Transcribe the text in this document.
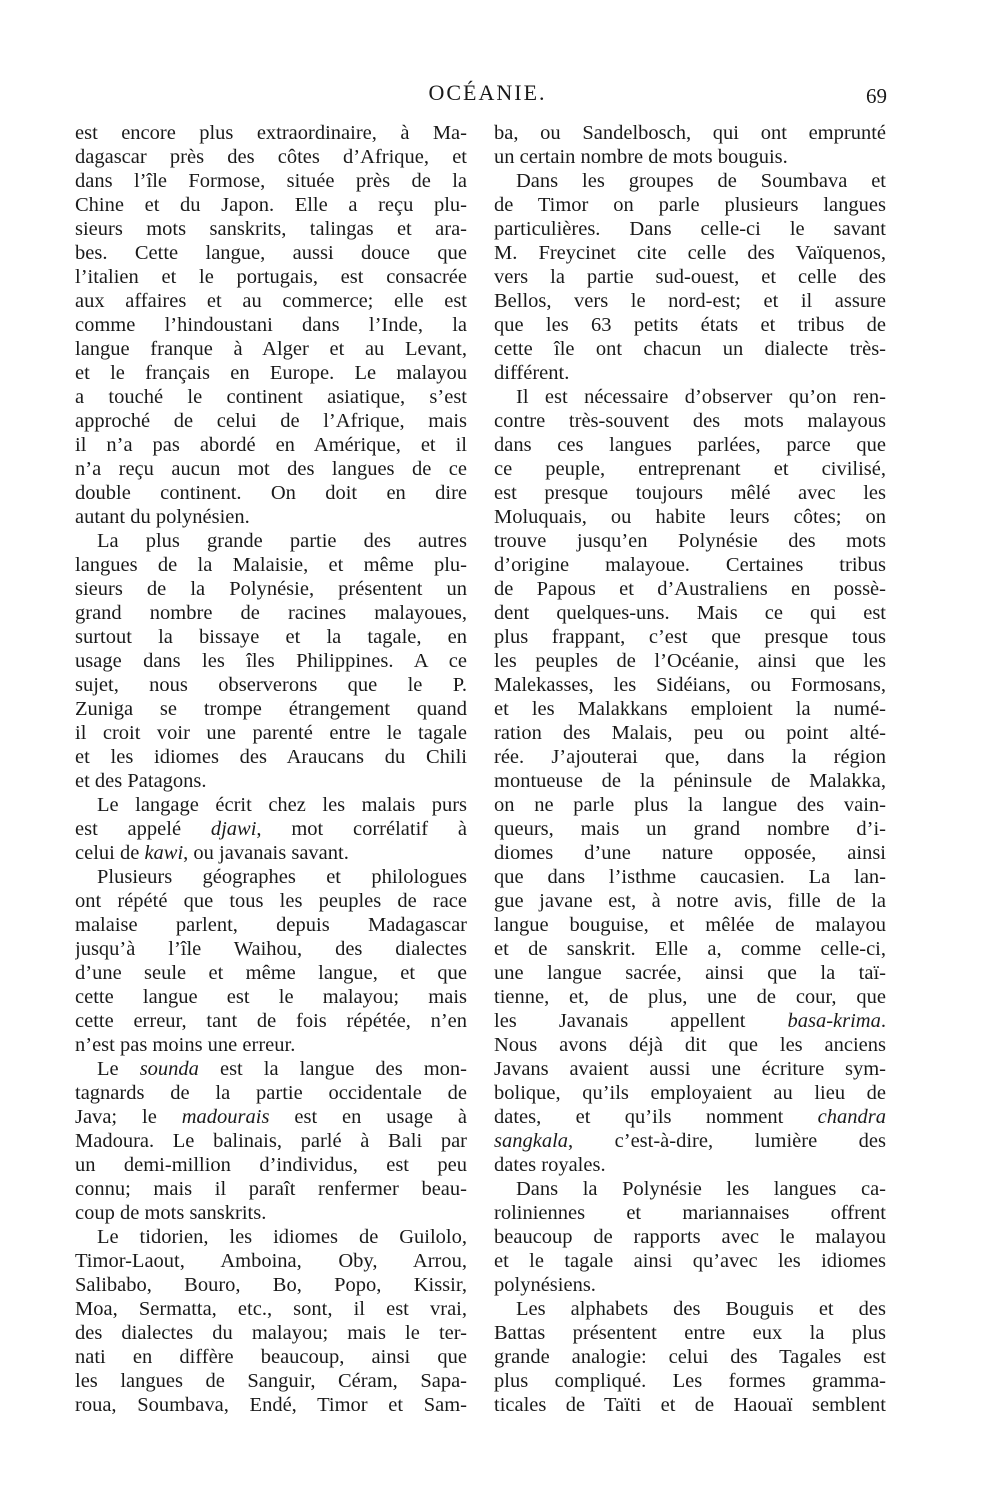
OCÉANIE.	69
est encore plus extraordinaire, à Ma-
dagascar près des côtes d’Afrique, et
dans l’île Formose, située près de la
Chine et du Japon. Elle a reçu plu-
sieurs mots sanskrits, talingas et ara-
bes. Cette langue, aussi douce que
l’italien et le portugais, est consacrée
aux affaires et au commerce; elle est
comme l’hindoustani dans l’Inde, la
langue franque à Alger et au Levant,
et le français en Europe. Le malayou
a touché le continent asiatique, s’est
approché de celui de l’Afrique, mais
il n’a pas abordé en Amérique, et il
n’a reçu aucun mot des langues de ce
double continent. On doit en dire
autant du polynésien.
La plus grande partie des autres
langues de la Malaisie, et même plu-
sieurs de la Polynésie, présentent un
grand nombre de racines malayoues,
surtout la bissaye et la tagale, en
usage dans les îles Philippines. A ce
sujet, nous observerons que le P.
Zuniga se trompe étrangement quand
il croit voir une parenté entre le tagale
et les idiomes des Araucans du Chili
et des Patagons.
Le langage écrit chez les malais purs
est appelé djawi, mot corrélatif à
celui de kawi, ou javanais savant.
Plusieurs géographes et philologues
ont répété que tous les peuples de race
malaise parlent, depuis Madagascar
jusqu’à l’île Waihou, des dialectes
d’une seule et même langue, et que
cette langue est le malayou; mais
cette erreur, tant de fois répétée, n’en
n’est pas moins une erreur.
Le sounda est la langue des mon-
tagnards de la partie occidentale de
Java; le madourais est en usage à
Madoura. Le balinais, parlé à Bali par
un demi-million d’individus, est peu
connu; mais il paraît renfermer beau-
coup de mots sanskrits.
Le tidorien, les idiomes de Guilolo,
Timor-Laout, Amboina, Oby, Arrou,
Salibabo, Bouro, Bo, Popo, Kissir,
Moa, Sermatta, etc., sont, il est vrai,
des dialectes du malayou; mais le ter-
nati en diffère beaucoup, ainsi que
les langues de Sanguir, Céram, Sapa-
roua, Soumbava, Endé, Timor et Sam-
ba, ou Sandelbosch, qui ont emprunté
un certain nombre de mots bouguis.
Dans les groupes de Soumbava et
de Timor on parle plusieurs langues
particulières. Dans celle-ci le savant
M. Freycinet cite celle des Vaïquenos,
vers la partie sud-ouest, et celle des
Bellos, vers le nord-est; et il assure
que les 63 petits états et tribus de
cette île ont chacun un dialecte très-
différent.
Il est nécessaire d’observer qu’on ren-
contre très-souvent des mots malayous
dans ces langues parlées, parce que
ce peuple, entreprenant et civilisé,
est presque toujours mêlé avec les
Moluquais, ou habite leurs côtes; on
trouve jusqu’en Polynésie des mots
d’origine malayoue. Certaines tribus
de Papous et d’Australiens en possè-
dent quelques-uns. Mais ce qui est
plus frappant, c’est que presque tous
les peuples de l’Océanie, ainsi que les
Malekasses, les Sidéians, ou Formosans,
et les Malakkans emploient la numé-
ration des Malais, peu ou point alté-
rée. J’ajouterai que, dans la région
montueuse de la péninsule de Malakka,
on ne parle plus la langue des vain-
queurs, mais un grand nombre d’i-
diomes d’une nature opposée, ainsi
que dans l’isthme caucasien. La lan-
gue javane est, à notre avis, fille de la
langue bouguise, et mêlée de malayou
et de sanskrit. Elle a, comme celle-ci,
une langue sacrée, ainsi que la taï-
tienne, et, de plus, une de cour, que
les Javanais appellent basa-krima.
Nous avons déjà dit que les anciens
Javans avaient aussi une écriture sym-
bolique, qu’ils employaient au lieu de
dates, et qu’ils nomment chandra
sangkala, c’est-à-dire, lumière des
dates royales.
Dans la Polynésie les langues ca-
roliniennes et mariannaises offrent
beaucoup de rapports avec le malayou
et le tagale ainsi qu’avec les idiomes
polynésiens.
Les alphabets des Bouguis et des
Battas présentent entre eux la plus
grande analogie: celui des Tagales est
plus compliqué. Les formes gramma-
ticales de Taïti et de Haouaï semblent
